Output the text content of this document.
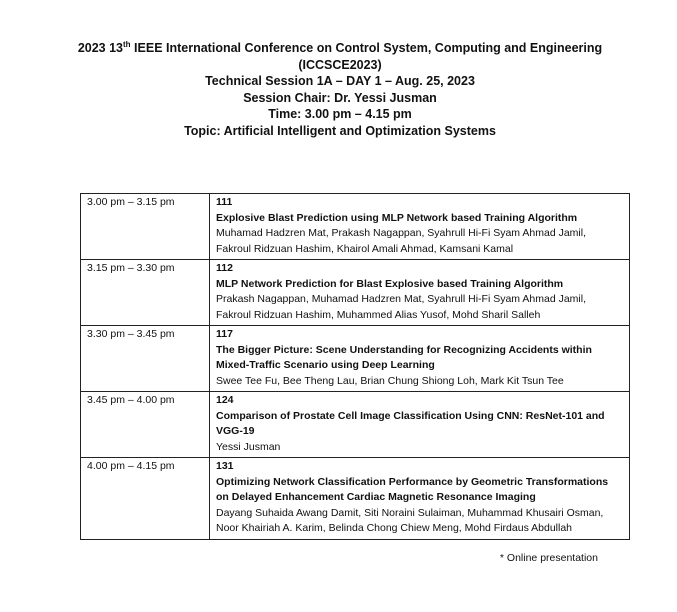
2023 13th IEEE International Conference on Control System, Computing and Engineering
(ICCSCE2023)
Technical Session 1A – DAY 1 – Aug. 25, 2023
Session Chair: Dr. Yessi Jusman
Time: 3.00 pm – 4.15 pm
Topic: Artificial Intelligent and Optimization Systems
3.00 pm – 3.15 pm	111
Explosive Blast Prediction using MLP Network based Training Algorithm
Muhamad Hadzren Mat, Prakash Nagappan, Syahrull Hi-Fi Syam Ahmad Jamil, Fakroul Ridzuan Hashim, Khairol Amali Ahmad, Kamsani Kamal

3.15 pm – 3.30 pm	112
MLP Network Prediction for Blast Explosive based Training Algorithm
Prakash Nagappan, Muhamad Hadzren Mat, Syahrull Hi-Fi Syam Ahmad Jamil, Fakroul Ridzuan Hashim, Muhammed Alias Yusof, Mohd Sharil Salleh

3.30 pm – 3.45 pm	117
The Bigger Picture: Scene Understanding for Recognizing Accidents within Mixed-Traffic Scenario using Deep Learning
Swee Tee Fu, Bee Theng Lau, Brian Chung Shiong Loh, Mark Kit Tsun Tee

3.45 pm – 4.00 pm	124
Comparison of Prostate Cell Image Classification Using CNN: ResNet-101 and VGG-19
Yessi Jusman

4.00 pm – 4.15 pm	131
Optimizing Network Classification Performance by Geometric Transformations on Delayed Enhancement Cardiac Magnetic Resonance Imaging
Dayang Suhaida Awang Damit, Siti Noraini Sulaiman, Muhammad Khusairi Osman, Noor Khairiah A. Karim, Belinda Chong Chiew Meng, Mohd Firdaus Abdullah
* Online presentation
